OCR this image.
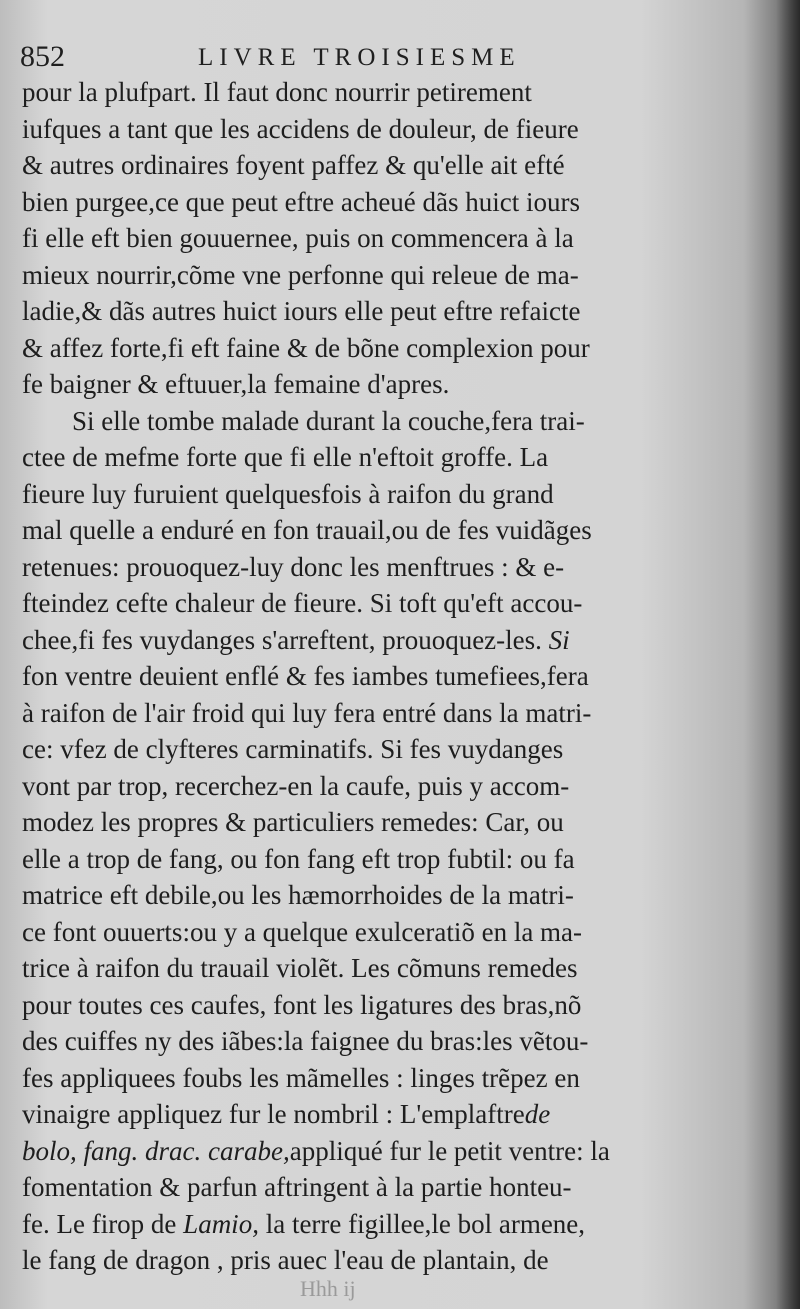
852	LIVRE TROISIESME
pour la plufpart. Il faut donc nourrir petirement
iufques a tant que les accidens de douleur, de fieure
& autres ordinaires foyent paffez & qu'elle ait efté
bien purgee,ce que peut eftre acheué dãs huict iours
fi elle eft bien gouuernee, puis on commencera à la
mieux nourrir,cõme vne perfonne qui releue de ma-
ladie,& dãs autres huict iours elle peut eftre refaicte
& affez forte,fi eft faine & de bõne complexion pour
fe baigner & eftuuer,la femaine d'apres.
Si elle tombe malade durant la couche,fera trai-
ctee de mefme forte que fi elle n'eftoit groffe. La
fieure luy furuient quelquesfois à raifon du grand
mal quelle a enduré en fon trauail,ou de fes vuidãges
retenues: prouoquez-luy donc les menftrues : & e-
fteindez cefte chaleur de fieure. Si toft qu'eft accou-
chee,fi fes vuydanges s'arreftent, prouoquez-les. Si
fon ventre deuient enflé & fes iambes tumefiees,fera
à raifon de l'air froid qui luy fera entré dans la matri-
ce: vfez de clyfteres carminatifs. Si fes vuydanges
vont par trop, recerchez-en la caufe, puis y accom-
modez les propres & particuliers remedes: Car, ou
elle a trop de fang, ou fon fang eft trop fubtil: ou fa
matrice eft debile,ou les hæmorrhoides de la matri-
ce font ouuerts:ou y a quelque exulceratiõ en la ma-
trice à raifon du trauail violẽt. Les cõmuns remedes
pour toutes ces caufes, font les ligatures des bras,nõ
des cuiffes ny des iãbes:la faignee du bras:les vẽtou-
fes appliquees foubs les mãmelles : linges trẽpez en
vinaigre appliquez fur le nombril : L'emplaftrede
bolo, fang. drac. carabe,appliqué fur le petit ventre: la
fomentation & parfun aftringent à la partie honteu-
fe. Le firop de Lamio, la terre figillee,le bol armene,
le fang de dragon , pris auec l'eau de plantain, de
Hhh ij
